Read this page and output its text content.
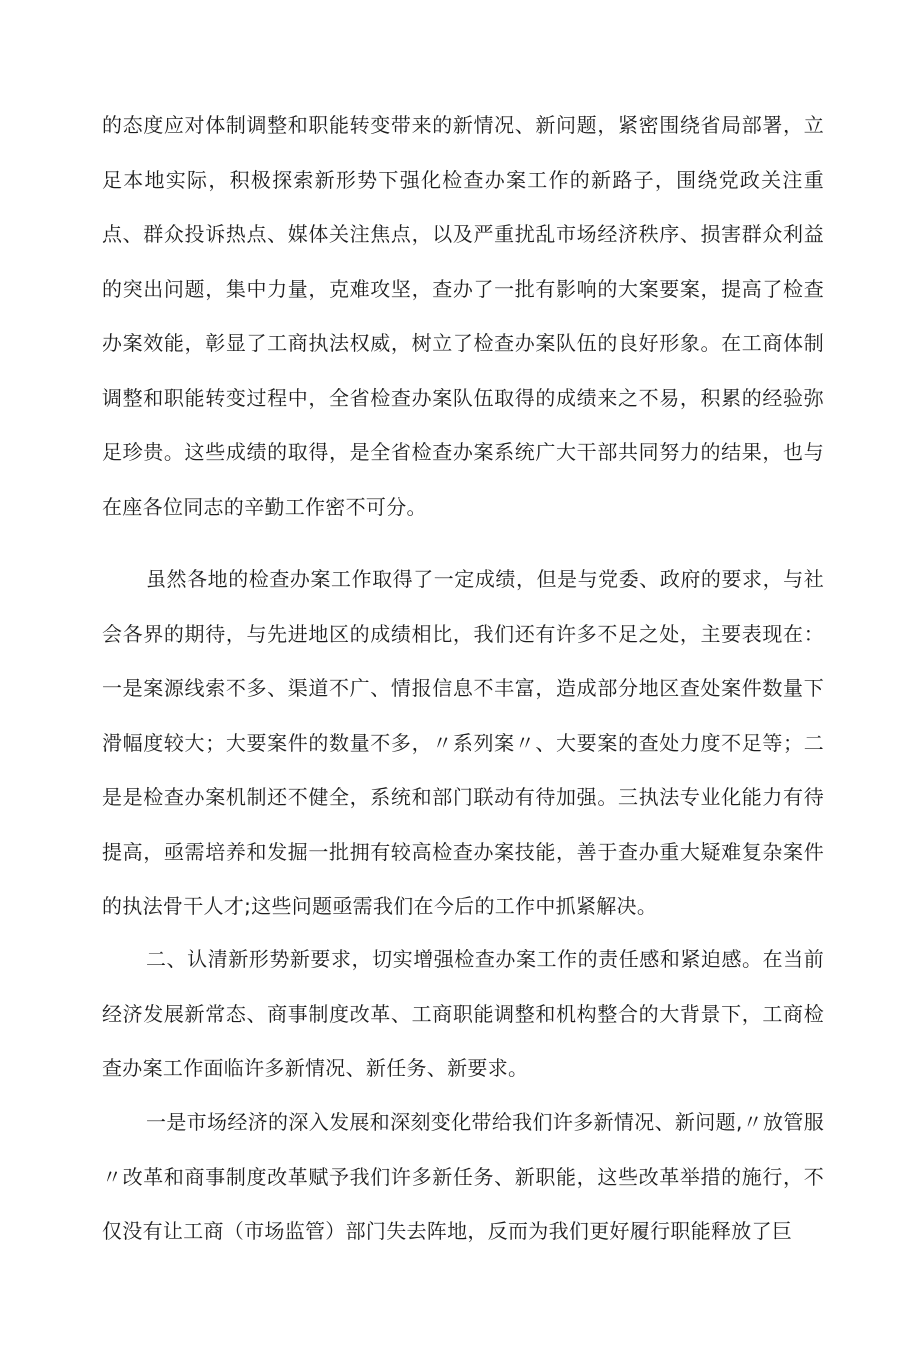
的态度应对体制调整和职能转变带来的新情况、新问题，紧密围绕省局部署，立足本地实际，积极探索新形势下强化检查办案工作的新路子，围绕党政关注重点、群众投诉热点、媒体关注焦点，以及严重扰乱市场经济秩序、损害群众利益的突出问题，集中力量，克难攻坚，查办了一批有影响的大案要案，提高了检查办案效能，彰显了工商执法权威，树立了检查办案队伍的良好形象。在工商体制调整和职能转变过程中，全省检查办案队伍取得的成绩来之不易，积累的经验弥足珍贵。这些成绩的取得，是全省检查办案系统广大干部共同努力的结果，也与在座各位同志的辛勤工作密不可分。

虽然各地的检查办案工作取得了一定成绩，但是与党委、政府的要求，与社会各界的期待，与先进地区的成绩相比，我们还有许多不足之处，主要表现在：一是案源线索不多、渠道不广、情报信息不丰富，造成部分地区查处案件数量下滑幅度较大；大要案件的数量不多，〃系列案〃、大要案的查处力度不足等；二是是检查办案机制还不健全，系统和部门联动有待加强。三执法专业化能力有待提高，亟需培养和发掘一批拥有较高检查办案技能，善于查办重大疑难复杂案件的执法骨干人才;这些问题亟需我们在今后的工作中抓紧解决。

二、认清新形势新要求，切实增强检查办案工作的责任感和紧迫感。在当前经济发展新常态、商事制度改革、工商职能调整和机构整合的大背景下，工商检查办案工作面临许多新情况、新任务、新要求。

一是市场经济的深入发展和深刻变化带给我们许多新情况、新问题,〃放管服〃改革和商事制度改革赋予我们许多新任务、新职能，这些改革举措的施行，不仅没有让工商（市场监管）部门失去阵地，反而为我们更好履行职能释放了巨
